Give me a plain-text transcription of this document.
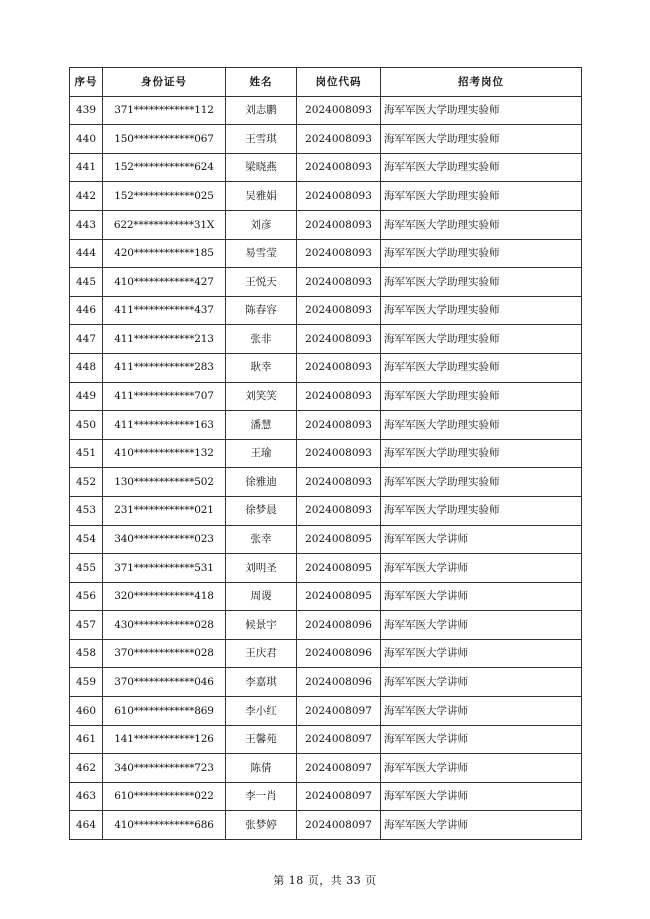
序号	身份证号	姓名	岗位代码	招考岗位
439	371************112	刘志鹏	2024008093	海军军医大学助理实验师
440	150************067	王雪琪	2024008093	海军军医大学助理实验师
441	152************624	梁晓燕	2024008093	海军军医大学助理实验师
442	152************025	吴雅娟	2024008093	海军军医大学助理实验师
443	622************31X	刘彦	2024008093	海军军医大学助理实验师
444	420************185	易雪莹	2024008093	海军军医大学助理实验师
445	410************427	王悦天	2024008093	海军军医大学助理实验师
446	411************437	陈春容	2024008093	海军军医大学助理实验师
447	411************213	张非	2024008093	海军军医大学助理实验师
448	411************283	耿幸	2024008093	海军军医大学助理实验师
449	411************707	刘笑笑	2024008093	海军军医大学助理实验师
450	411************163	潘慧	2024008093	海军军医大学助理实验师
451	410************132	王瑜	2024008093	海军军医大学助理实验师
452	130************502	徐雅迪	2024008093	海军军医大学助理实验师
453	231************021	徐梦晨	2024008093	海军军医大学助理实验师
454	340************023	张幸	2024008095	海军军医大学讲师
455	371************531	刘明圣	2024008095	海军军医大学讲师
456	320************418	周谡	2024008095	海军军医大学讲师
457	430************028	候景宇	2024008096	海军军医大学讲师
458	370************028	王庆君	2024008096	海军军医大学讲师
459	370************046	李嘉琪	2024008096	海军军医大学讲师
460	610************869	李小红	2024008097	海军军医大学讲师
461	141************126	王馨苑	2024008097	海军军医大学讲师
462	340************723	陈倩	2024008097	海军军医大学讲师
463	610************022	李一肖	2024008097	海军军医大学讲师
464	410************686	张梦婷	2024008097	海军军医大学讲师
第 18 页，共 33 页
